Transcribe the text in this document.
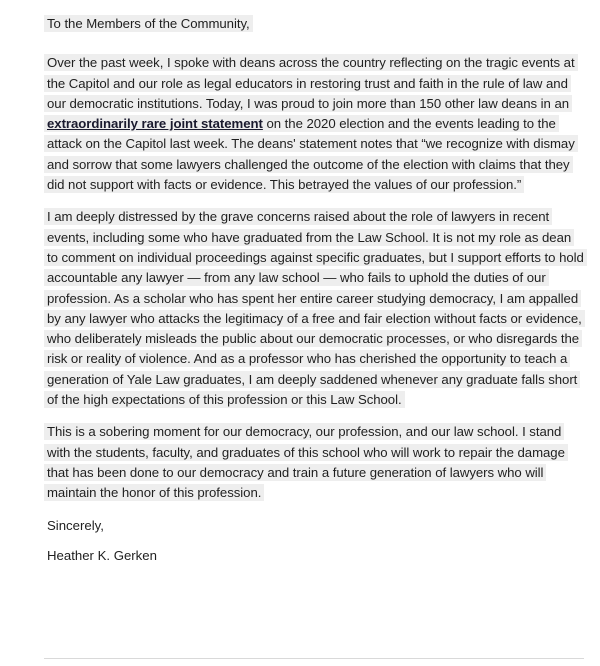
To the Members of the Community,

Over the past week, I spoke with deans across the country reflecting on the tragic events at the Capitol and our role as legal educators in restoring trust and faith in the rule of law and our democratic institutions. Today, I was proud to join more than 150 other law deans in an extraordinarily rare joint statement on the 2020 election and the events leading to the attack on the Capitol last week. The deans' statement notes that “we recognize with dismay and sorrow that some lawyers challenged the outcome of the election with claims that they did not support with facts or evidence. This betrayed the values of our profession.”

I am deeply distressed by the grave concerns raised about the role of lawyers in recent events, including some who have graduated from the Law School. It is not my role as dean to comment on individual proceedings against specific graduates, but I support efforts to hold accountable any lawyer — from any law school — who fails to uphold the duties of our profession. As a scholar who has spent her entire career studying democracy, I am appalled by any lawyer who attacks the legitimacy of a free and fair election without facts or evidence, who deliberately misleads the public about our democratic processes, or who disregards the risk or reality of violence. And as a professor who has cherished the opportunity to teach a generation of Yale Law graduates, I am deeply saddened whenever any graduate falls short of the high expectations of this profession or this Law School.

This is a sobering moment for our democracy, our profession, and our law school. I stand with the students, faculty, and graduates of this school who will work to repair the damage that has been done to our democracy and train a future generation of lawyers who will maintain the honor of this profession.

Sincerely,

Heather K. Gerken
